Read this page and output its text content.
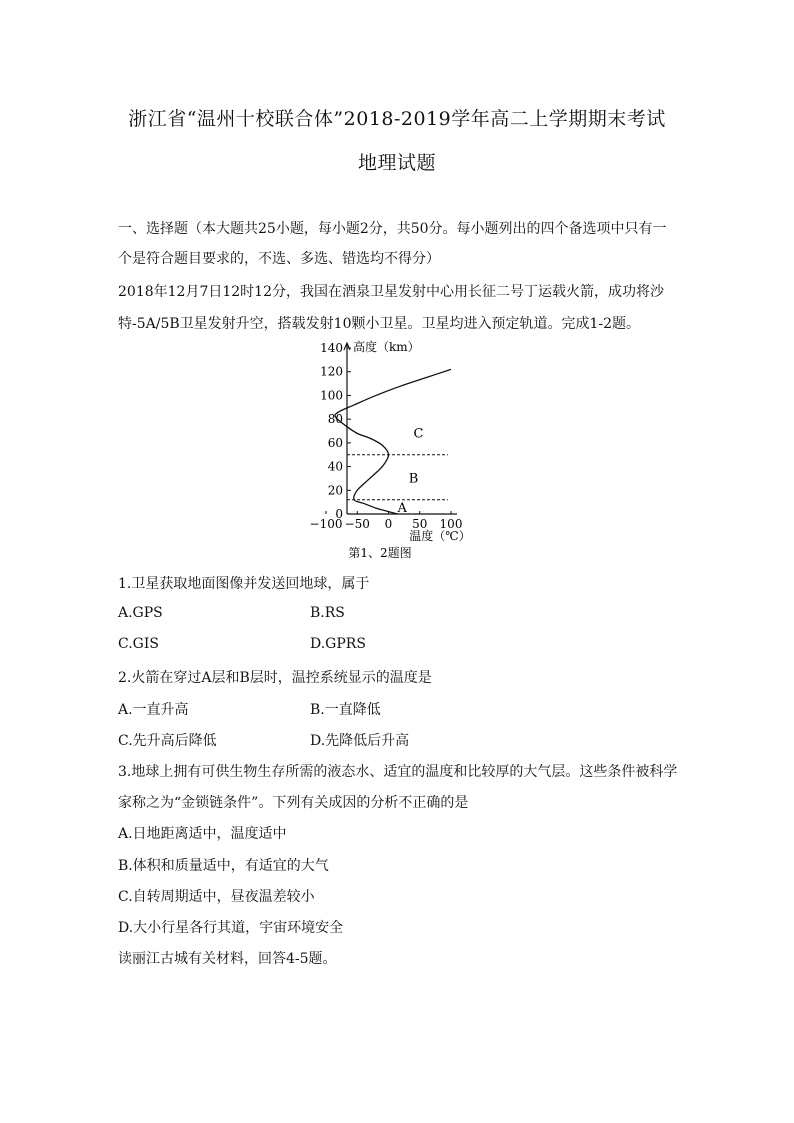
浙江省“温州十校联合体”2018-2019学年高二上学期期末考试
地理试题
一、选择题（本大题共25小题，每小题2分，共50分。每小题列出的四个备选项中只有一
个是符合题目要求的，不选、多选、错选均不得分）
2018年12月7日12时12分，我国在酒泉卫星发射中心用长征二号丁运载火箭，成功将沙
特-5A/5B卫星发射升空，搭载发射10颗小卫星。卫星均进入预定轨道。完成1-2题。
0
20
40
60
80
100
120
140
−100 −50 0 50 100
A
B
C
高度（km）
温度（℃）
第1、2题图
1.卫星获取地面图像并发送回地球，属于
A.GPS	B.RS
C.GIS	D.GPRS
2.火箭在穿过A层和B层时，温控系统显示的温度是
A.一直升高	B.一直降低
C.先升高后降低	D.先降低后升高
3.地球上拥有可供生物生存所需的液态水、适宜的温度和比较厚的大气层。这些条件被科学
家称之为“金锁链条件”。下列有关成因的分析不正确的是
A.日地距离适中，温度适中
B.体积和质量适中，有适宜的大气
C.自转周期适中，昼夜温差较小
D.大小行星各行其道，宇宙环境安全
读丽江古城有关材料，回答4-5题。
